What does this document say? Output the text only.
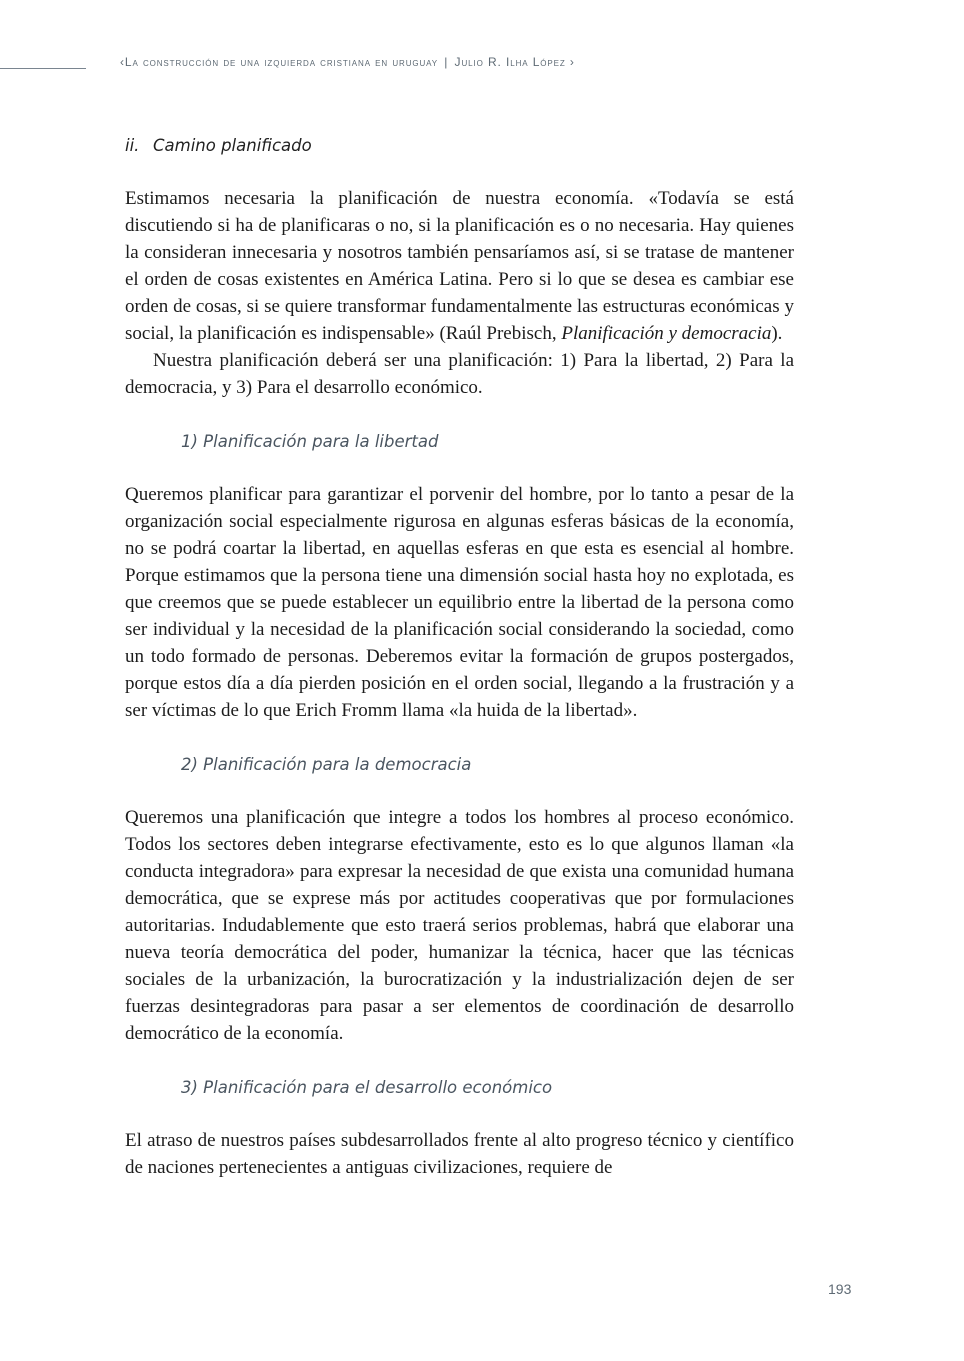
‹La construcción de una izquierda cristiana en uruguay | Julio R. Ilha López ›
ii. Camino planificado

Estimamos necesaria la planificación de nuestra economía. «Todavía se está discutiendo si ha de planificaras o no, si la planificación es o no necesaria. Hay quienes la consideran innecesaria y nosotros también pensaríamos así, si se tratase de mantener el orden de cosas existentes en América Latina. Pero si lo que se desea es cambiar ese orden de cosas, si se quiere transformar fundamentalmente las estructuras económicas y social, la planificación es indispensable» (Raúl Prebisch, Planificación y democracia).

Nuestra planificación deberá ser una planificación: 1) Para la libertad, 2) Para la democracia, y 3) Para el desarrollo económico.

1) Planificación para la libertad

Queremos planificar para garantizar el porvenir del hombre, por lo tanto a pesar de la organización social especialmente rigurosa en algunas esferas básicas de la economía, no se podrá coartar la libertad, en aquellas esferas en que esta es esencial al hombre. Porque estimamos que la persona tiene una dimensión social hasta hoy no explotada, es que creemos que se puede establecer un equilibrio entre la libertad de la persona como ser individual y la necesidad de la planificación social considerando la sociedad, como un todo formado de personas. Deberemos evitar la formación de grupos postergados, porque estos día a día pierden posición en el orden social, llegando a la frustración y a ser víctimas de lo que Erich Fromm llama «la huida de la libertad».

2) Planificación para la democracia

Queremos una planificación que integre a todos los hombres al proceso económico. Todos los sectores deben integrarse efectivamente, esto es lo que algunos llaman «la conducta integradora» para expresar la necesidad de que exista una comunidad humana democrática, que se exprese más por actitudes cooperativas que por formulaciones autoritarias. Indudablemente que esto traerá serios problemas, habrá que elaborar una nueva teoría democrática del poder, humanizar la técnica, hacer que las técnicas sociales de la urbanización, la burocratización y la industrialización dejen de ser fuerzas desintegradoras para pasar a ser elementos de coordinación de desarrollo democrático de la economía.

3) Planificación para el desarrollo económico

El atraso de nuestros países subdesarrollados frente al alto progreso técnico y científico de naciones pertenecientes a antiguas civilizaciones, requiere de

193
